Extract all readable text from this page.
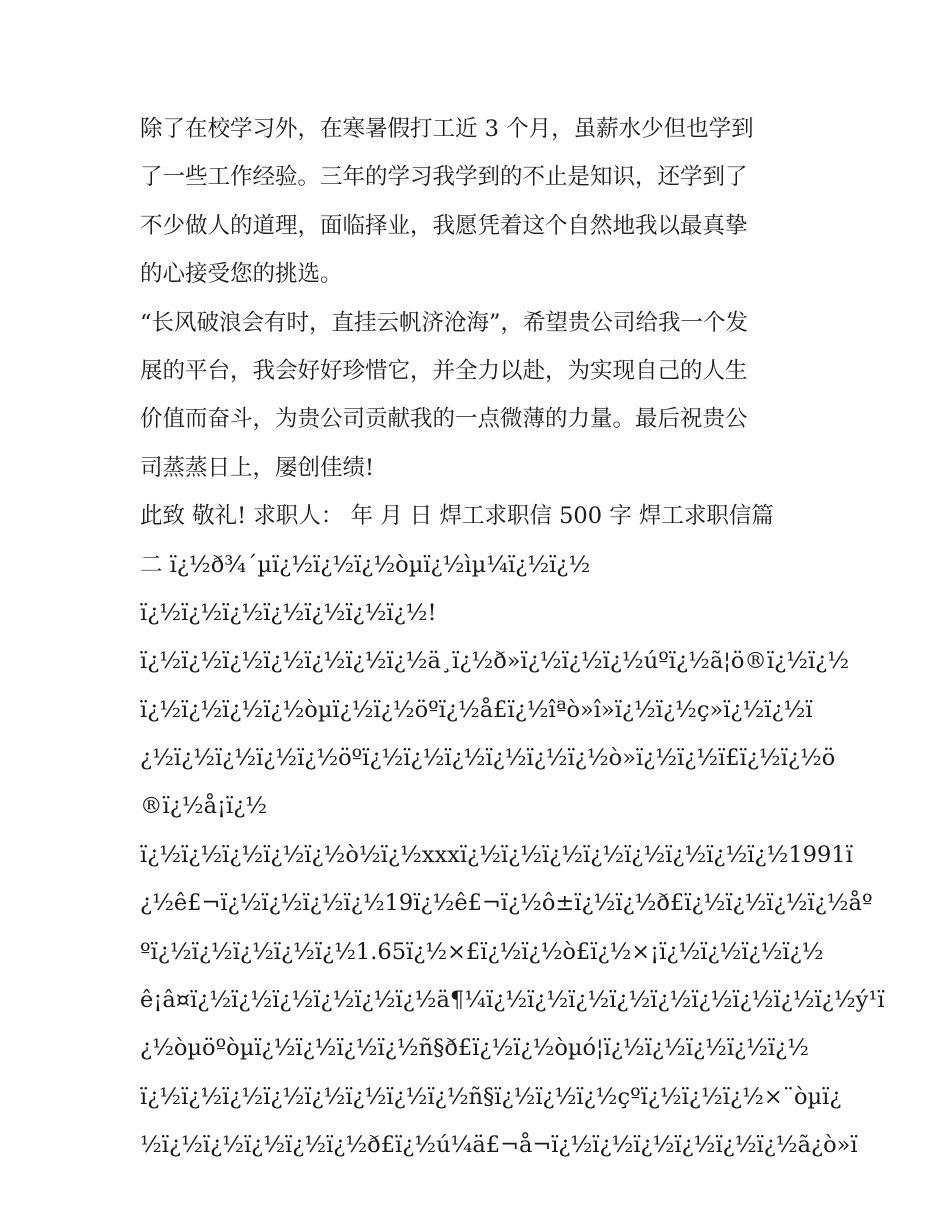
除了在校学习外，在寒暑假打工近 3 个月，虽薪水少但也学到
了一些工作经验。三年的学习我学到的不止是知识，还学到了
不少做人的道理，面临择业，我愿凭着这个自然地我以最真挚
的心接受您的挑选。
“长风破浪会有时，直挂云帆济沧海”，希望贵公司给我一个发
展的平台，我会好好珍惜它，并全力以赴，为实现自己的人生
价值而奋斗，为贵公司贡献我的一点微薄的力量。最后祝贵公
司蒸蒸日上，屡创佳绩!
此致 敬礼! 求职人： 年 月 日 焊工求职信 500 字 焊工求职信篇
二 ï¿½ð¾´µï¿½ï¿½ï¿½òµï¿½ìµ¼ï¿½ï¿½
ï¿½ï¿½ï¿½ï¿½ï¿½ï¿½ï¿½!
ï¿½ï¿½ï¿½ï¿½ï¿½ï¿½ï¿½ä¸ï¿½ð»ï¿½ï¿½ï¿½úºï¿½ã¦ö®ï¿½ï¿½
ï¿½ï¿½ï¿½ï¿½òµï¿½ï¿½öºï¿½å£ï¿½îªò»î»ï¿½ï¿½ç»ï¿½ï¿½ï
¿½ï¿½ï¿½ï¿½ï¿½öºï¿½ï¿½ï¿½ï¿½ï¿½ï¿½ò»ï¿½ï¿½ï£ï¿½ï¿½ö
®ï¿½å¡ï¿½
ï¿½ï¿½ï¿½ï¿½ï¿½ò½ï¿½xxxï¿½ï¿½ï¿½ï¿½ï¿½ï¿½ï¿½ï¿½1991ï
¿½ê£¬ï¿½ï¿½ï¿½ï¿½19ï¿½ê£¬ï¿½ô±ï¿½ï¿½ð£ï¿½ï¿½ï¿½ï¿½åº
ºï¿½ï¿½ï¿½ï¿½ï¿½1.65ï¿½×£ï¿½ï¿½ò£ï¿½×¡ï¿½ï¿½ï¿½ï¿½
ê¡â¤ï¿½ï¿½ï¿½ï¿½ï¿½ï¿½ä¶¼ï¿½ï¿½ï¿½ï¿½ï¿½ï¿½ï¿½ï¿½ï¿½ý¹ï
¿½òµöºòµï¿½ï¿½ï¿½ï¿½ñ§ð£ï¿½ï¿½òµó¦ï¿½ï¿½ï¿½ï¿½ï¿½
ï¿½ï¿½ï¿½ï¿½ï¿½ï¿½ï¿½ï¿½ñ§ï¿½ï¿½ï¿½çºï¿½ï¿½ï¿½×¨òµï¿
½ï¿½ï¿½ï¿½ï¿½ï¿½ð£ï¿½ú¼ä£¬å¬ï¿½ï¿½ï¿½ï¿½ï¿½ï¿½ã¿ò»ï
